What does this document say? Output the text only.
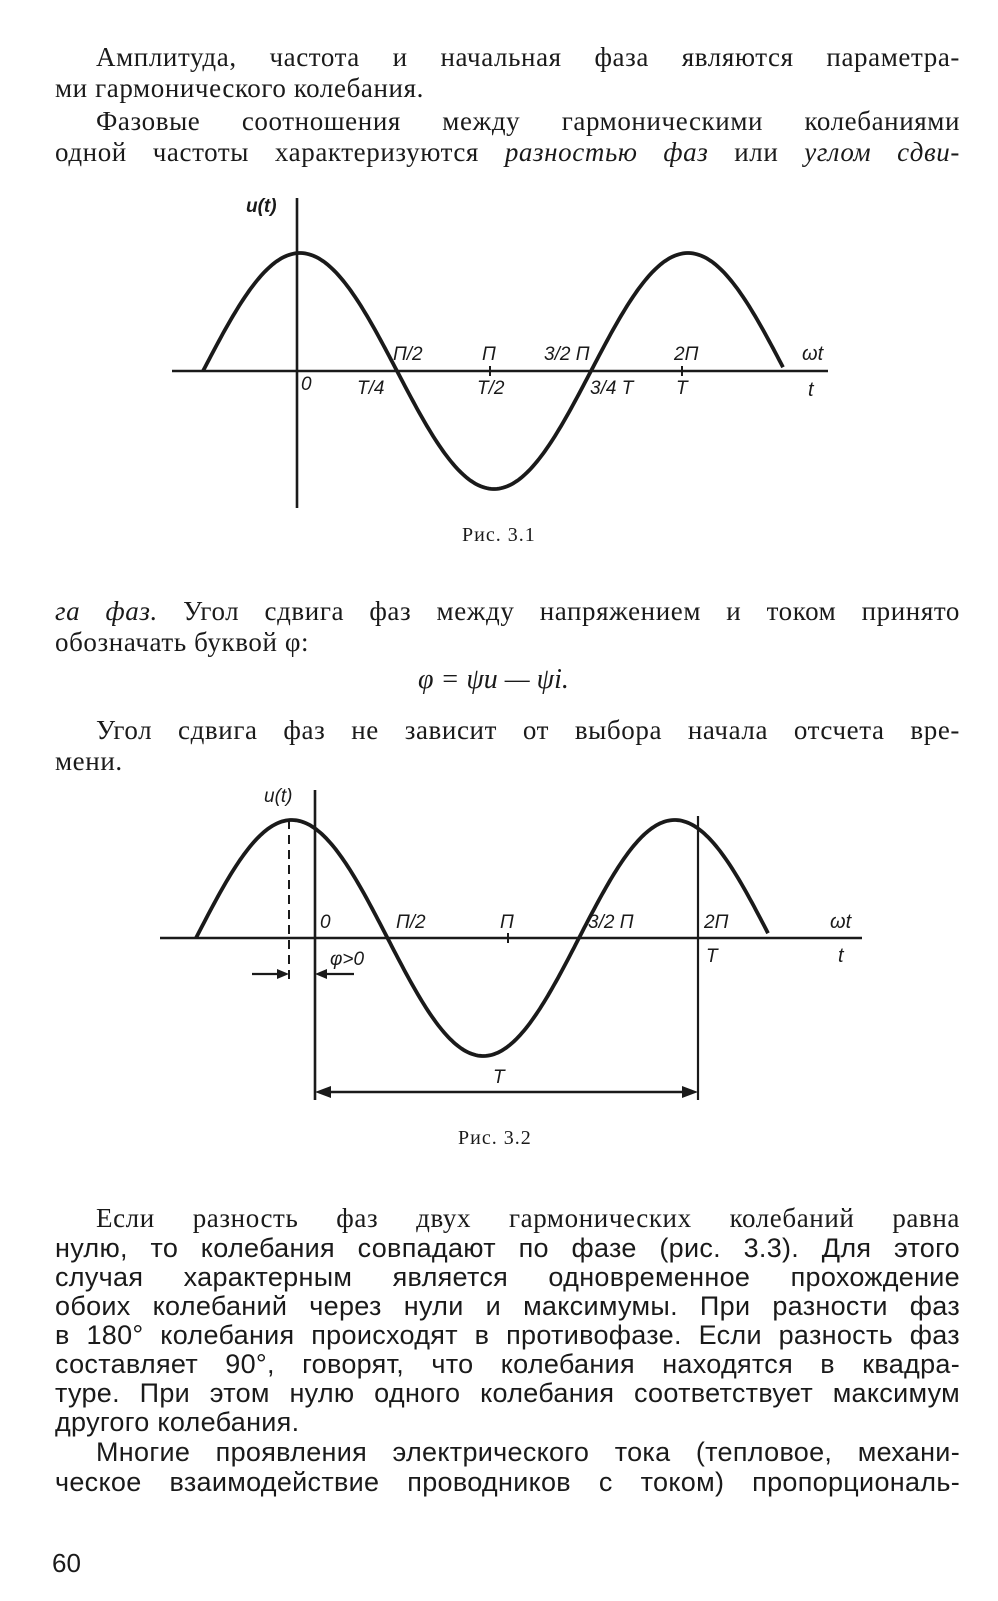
Амплитуда, частота и начальная фаза являются параметра-
ми гармонического колебания.
Фазовые соотношения между гармоническими колебаниями
одной частоты характеризуются разностью фаз или углом сдви-
u(t)
ωt
t
П/2	П	3/2 П	2П
0 T/4	T/2	3/4 T T
Рис. 3.1
га фаз. Угол сдвига фаз между напряжением и током принято
обозначать буквой φ:
φ = ψu — ψi.
Угол сдвига фаз не зависит от выбора начала отсчета вре-
мени.
u(t)
ωt
t
0	П/2	П	3/2 П	2П
T
φ>0
T
Рис. 3.2
Если разность фаз двух гармонических колебаний равна
нулю, то колебания совпадают по фазе (рис. 3.3). Для этого
случая характерным является одновременное прохождение
обоих колебаний через нули и максимумы. При разности фаз
в 180° колебания происходят в противофазе. Если разность фаз
составляет 90°, говорят, что колебания находятся в квадра-
туре. При этом нулю одного колебания соответствует максимум
другого колебания.
Многие проявления электрического тока (тепловое, механи-
ческое взаимодействие проводников с током) пропорциональ-
60
